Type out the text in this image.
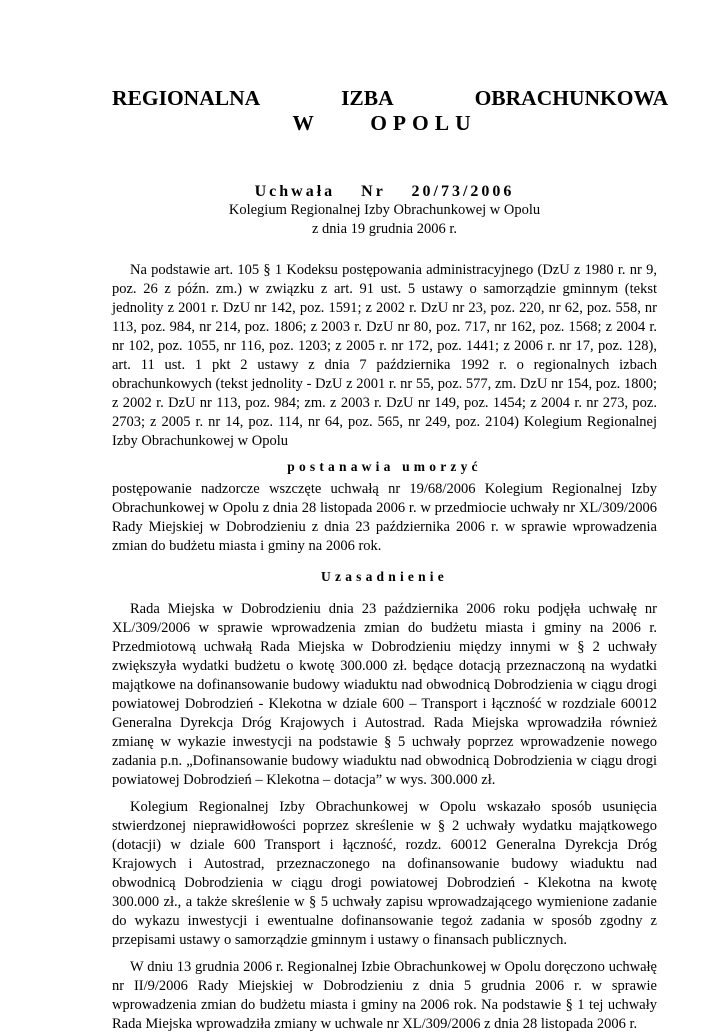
REGIONALNA   IZBA   OBRACHUNKOWA

W  OPOLU

Uchwała  Nr  20/73/2006

Kolegium Regionalnej Izby Obrachunkowej w Opolu

z dnia 19 grudnia 2006 r.

Na podstawie art. 105 § 1 Kodeksu postępowania administracyjnego (DzU z 1980 r. nr 9, poz. 26 z późn. zm.) w związku z art. 91 ust. 5 ustawy o samorządzie gminnym (tekst jednolity z 2001 r. DzU nr 142, poz. 1591; z 2002 r. DzU nr 23, poz. 220, nr 62, poz. 558, nr 113, poz. 984, nr 214, poz. 1806; z 2003 r. DzU nr 80, poz. 717, nr 162, poz. 1568; z 2004 r. nr 102, poz. 1055, nr 116, poz. 1203; z 2005 r. nr 172, poz. 1441; z 2006 r. nr 17, poz. 128), art. 11 ust. 1 pkt 2 ustawy z dnia 7 października 1992 r. o regionalnych izbach obrachunkowych (tekst jednolity - DzU z 2001 r. nr 55, poz. 577, zm. DzU nr 154, poz. 1800; z 2002 r. DzU nr 113, poz. 984; zm. z 2003 r. DzU nr 149, poz. 1454; z 2004 r. nr 273, poz. 2703; z 2005 r. nr 14, poz. 114, nr 64, poz. 565, nr 249, poz. 2104) Kolegium Regionalnej Izby Obrachunkowej w Opolu

postanawia umorzyć

postępowanie nadzorcze wszczęte uchwałą nr 19/68/2006 Kolegium Regionalnej Izby Obrachunkowej w Opolu z dnia 28 listopada 2006 r. w przedmiocie uchwały nr XL/309/2006 Rady Miejskiej w Dobrodzieniu z dnia 23 października 2006 r. w sprawie wprowadzenia zmian do budżetu miasta i gminy na 2006 rok.

Uzasadnienie

Rada Miejska w Dobrodzieniu dnia 23 października 2006 roku podjęła uchwałę nr XL/309/2006 w sprawie wprowadzenia zmian do budżetu miasta i gminy na 2006 r. Przedmiotową uchwałą Rada Miejska w Dobrodzieniu między innymi w § 2 uchwały zwiększyła wydatki budżetu o kwotę 300.000 zł. będące dotacją przeznaczoną na wydatki majątkowe na dofinansowanie budowy wiaduktu nad obwodnicą Dobrodzienia w ciągu drogi powiatowej Dobrodzień - Klekotna w dziale 600 – Transport i łączność w rozdziale 60012 Generalna Dyrekcja Dróg Krajowych i Autostrad. Rada Miejska wprowadziła również zmianę w wykazie inwestycji na podstawie § 5 uchwały poprzez wprowadzenie nowego zadania p.n. „Dofinansowanie budowy wiaduktu nad obwodnicą Dobrodzienia w ciągu drogi powiatowej Dobrodzień – Klekotna – dotacja” w wys. 300.000 zł.

Kolegium Regionalnej Izby Obrachunkowej w Opolu wskazało sposób usunięcia stwierdzonej nieprawidłowości poprzez skreślenie w § 2 uchwały wydatku majątkowego (dotacji) w dziale 600 Transport i łączność, rozdz. 60012 Generalna Dyrekcja Dróg Krajowych i Autostrad, przeznaczonego na dofinansowanie budowy wiaduktu nad obwodnicą Dobrodzienia w ciągu drogi powiatowej Dobrodzień - Klekotna na kwotę 300.000 zł., a także skreślenie w § 5 uchwały zapisu wprowadzającego wymienione zadanie do wykazu inwestycji i ewentualne dofinansowanie tegoż zadania w sposób zgodny z przepisami ustawy o samorządzie gminnym i ustawy o finansach publicznych.

W dniu 13 grudnia 2006 r. Regionalnej Izbie Obrachunkowej w Opolu doręczono uchwałę nr II/9/2006 Rady Miejskiej w Dobrodzieniu z dnia 5 grudnia 2006 r. w sprawie wprowadzenia zmian do budżetu miasta i gminy na 2006 rok. Na podstawie § 1 tej uchwały Rada Miejska wprowadziła zmiany w uchwale nr XL/309/2006 z dnia 28 listopada 2006 r.
